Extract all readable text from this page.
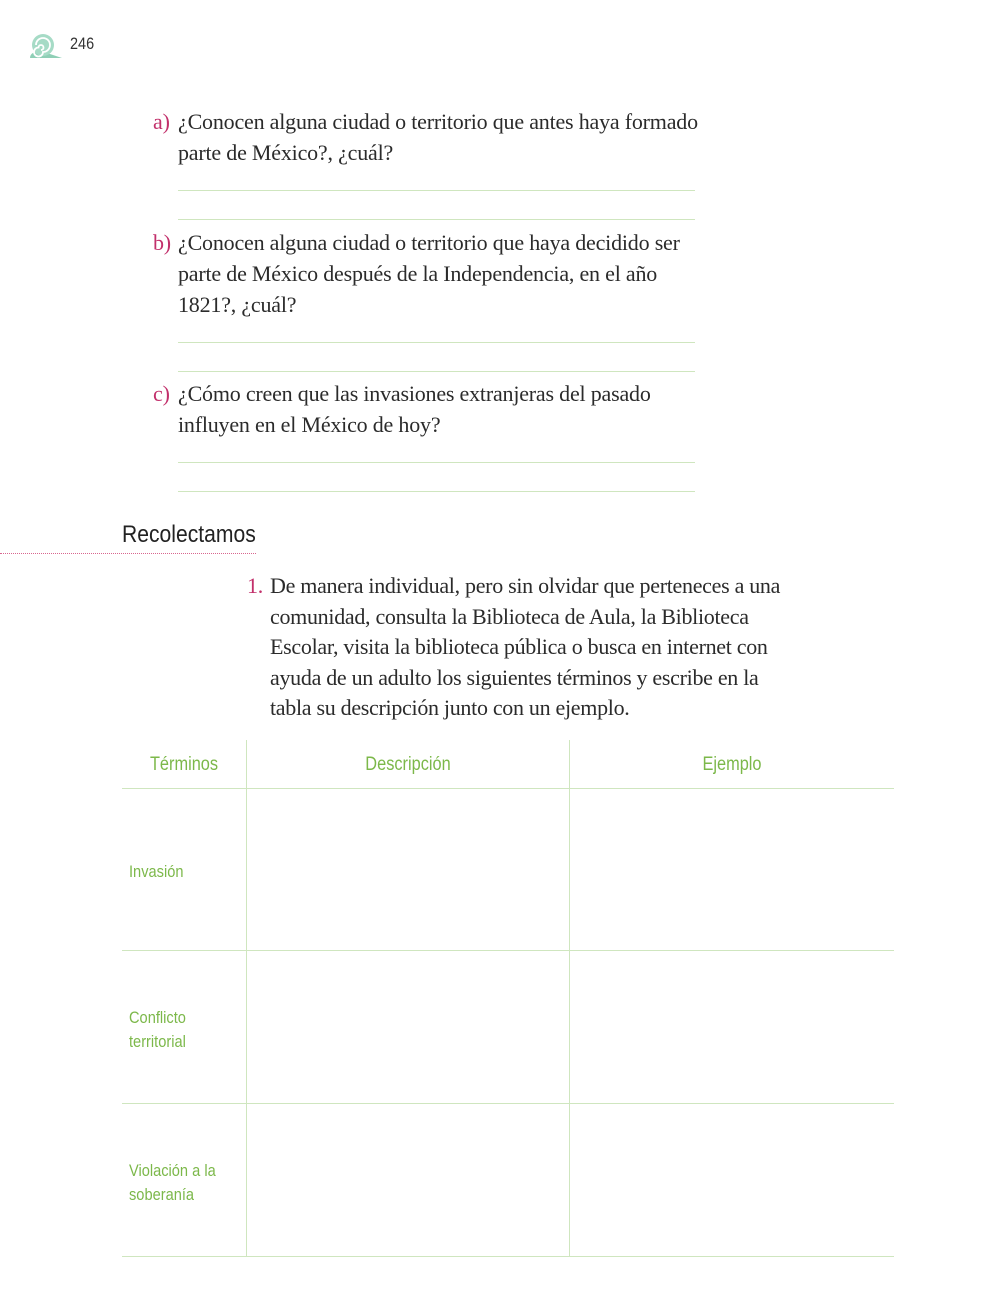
246
a) ¿Conocen alguna ciudad o territorio que antes haya formado parte de México?, ¿cuál?
b) ¿Conocen alguna ciudad o territorio que haya decidido ser parte de México después de la Independencia, en el año 1821?, ¿cuál?
c) ¿Cómo creen que las invasiones extranjeras del pasado influyen en el México de hoy?
Recolectamos
1. De manera individual, pero sin olvidar que perteneces a una comunidad, consulta la Biblioteca de Aula, la Biblioteca Escolar, visita la biblioteca pública o busca en internet con ayuda de un adulto los siguientes términos y escribe en la tabla su descripción junto con un ejemplo.
Términos	Descripción	Ejemplo
Invasión
Conflicto territorial
Violación a la soberanía
